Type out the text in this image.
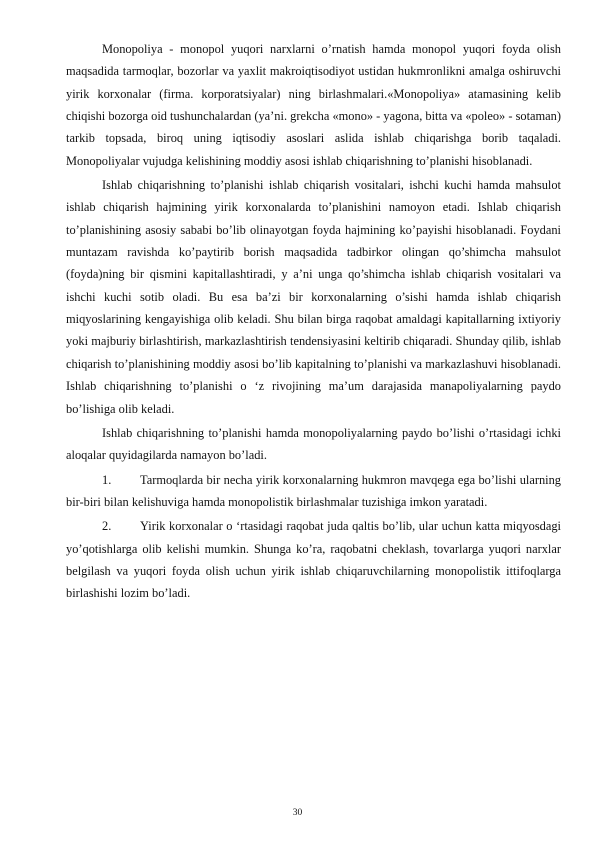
Monopoliya - monopol yuqori narxlarni o’rnatish hamda monopol yuqori foyda olish maqsadida tarmoqlar, bozorlar va yaxlit makroiqtisodiyot ustidan hukmronlikni amalga oshiruvchi yirik korxonalar (firma. korporatsiyalar) ning birlashmalari.«Monopoliya» atamasining kelib chiqishi bozorga oid tushunchalardan (ya’ni. grekcha «mono» - yagona, bitta va «poleo» - sotaman) tarkib topsada, biroq uning iqtisodiy asoslari aslida ishlab chiqarishga borib taqaladi. Monopoliyalar vujudga kelishining moddiy asosi ishlab chiqarishning to’planishi hisoblanadi.

Ishlab chiqarishning to’planishi ishlab chiqarish vositalari, ishchi kuchi hamda mahsulot ishlab chiqarish hajmining yirik korxonalarda to’planishini namoyon etadi. Ishlab chiqarish to’planishining asosiy sababi bo’lib olinayotgan foyda hajmining ko’payishi hisoblanadi. Foydani muntazam ravishda ko’paytirib borish maqsadida tadbirkor olingan qo’shimcha mahsulot (foyda)ning bir qismini kapitallashtiradi, y a’ni unga qo’shimcha ishlab chiqarish vositalari va ishchi kuchi sotib oladi. Bu esa ba’zi bir korxonalarning o’sishi hamda ishlab chiqarish miqyoslarining kengayishiga olib keladi. Shu bilan birga raqobat amaldagi kapitallarning ixtiyoriy yoki majburiy birlashtirish, markazlashtirish tendensiyasini keltirib chiqaradi. Shunday qilib, ishlab chiqarish to’planishining moddiy asosi bo’lib kapitalning to’planishi va markazlashuvi hisoblanadi. Ishlab chiqarishning to’planishi o ‘z rivojining ma’um darajasida manapoliyalarning paydo bo’lishiga olib keladi.

Ishlab chiqarishning to’planishi hamda monopoliyalarning paydo bo’lishi o’rtasidagi ichki aloqalar quyidagilarda namayon bo’ladi.

1. Tarmoqlarda bir necha yirik korxonalarning hukmron mavqega ega bo’lishi ularning bir-biri bilan kelishuviga hamda monopolistik birlashmalar tuzishiga imkon yaratadi.

2. Yirik korxonalar o ‘rtasidagi raqobat juda qaltis bo’lib, ular uchun katta miqyosdagi yo’qotishlarga olib kelishi mumkin. Shunga ko’ra, raqobatni cheklash, tovarlarga yuqori narxlar belgilash va yuqori foyda olish uchun yirik ishlab chiqaruvchilarning monopolistik ittifoqlarga birlashishi lozim bo’ladi.

30
